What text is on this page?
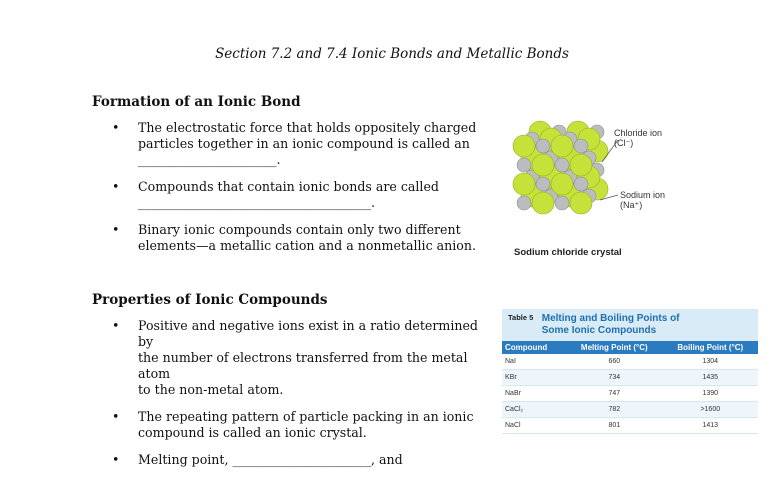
Section 7.2 and 7.4 Ionic Bonds and Metallic Bonds
Formation of an Ionic Bond
• The electrostatic force that holds oppositely charged
particles together in an ionic compound is called an
______________________.
• Compounds that contain ionic bonds are called
_____________________________________.
• Binary ionic compounds contain only two different
elements—a metallic cation and a nonmetallic anion.
Properties of Ionic Compounds
• Positive and negative ions exist in a ratio determined by
the number of electrons transferred from the metal atom
to the non-metal atom.
• The repeating pattern of particle packing in an ionic
compound is called an ionic crystal.
• Melting point, ______________________, and
Chloride ion
(Cl⁻)
Sodium ion
(Na⁺)
Sodium chloride crystal
$^{Table 5}$ Melting and Boiling Points of
Some Ionic Compounds
Compound	Melting Point (°C)	Boiling Point (°C)
NaI	660	1304
KBr	734	1435
NaBr	747	1390
CaCl₂	782	>1600
NaCl	801	1413
